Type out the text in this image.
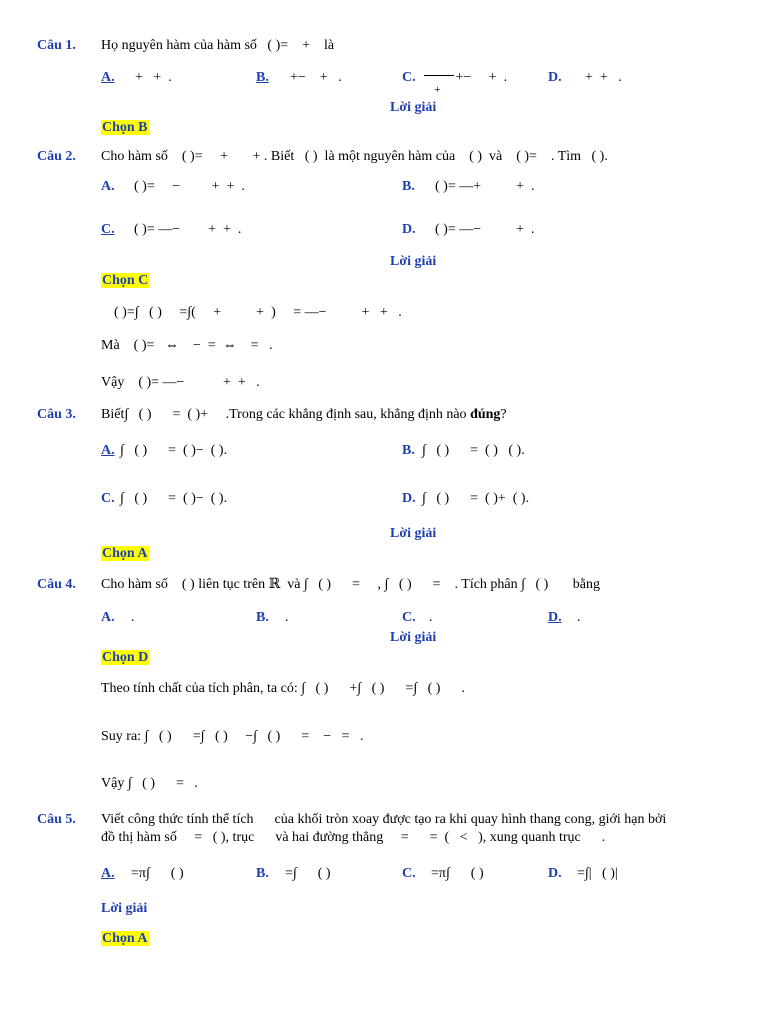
Câu 1. Họ nguyên hàm của hàm số   ( )=    +    là
A. +   +  .	B. +−    +   .	C.
+
+−     +  .	D. +  +   .
Lời giải
Chọn B
Câu 2. Cho hàm số    ( )=     +       + . Biết   ( )  là một nguyên hàm của    ( )  và    ( )=    . Tìm   ( ).
A. ( )=     −         +  +  .	B. ( )= —+          +  .
C. ( )= —−        +  +  .	D. ( )= —−          +  .
Lời giải
Chọn C
( )=∫   ( )     =∫(     +          +  )     = —−          +   +   .
Mà    ( )=   ⇔    −  =  ⇔    =   .
Vậy    ( )= —−           +  +   .
Câu 3. Biết∫   ( )      =  ( )+     .Trong các khẳng định sau, khẳng định nào đúng?
A. ∫   ( )      =  ( )−  ( ).	B. ∫   ( )      =  ( )   ( ).
C. ∫   ( )      =  ( )−  ( ).	D. ∫   ( )      =  ( )+  ( ).
Lời giải
Chọn A
Câu 4. Cho hàm số    ( ) liên tục trên ℝ  và ∫   ( )      =     , ∫   ( )      =    . Tích phân ∫   ( )       bằng
A. .	B. .	C. .	D. .
Lời giải
Chọn D
Theo tính chất của tích phân, ta có: ∫   ( )      +∫   ( )      =∫   ( )      .
Suy ra: ∫   ( )      =∫   ( )     −∫   ( )      =    −   =   .
Vậy ∫   ( )      =   .
Câu 5. Viết công thức tính thể tích      của khối tròn xoay được tạo ra khi quay hình thang cong, giới hạn bởi
đồ thị hàm số     =   ( ), trục      và hai đường thẳng     =      =  (   <   ), xung quanh trục      .
A. =π∫      ( )	B. =∫      ( )	C. =π∫      ( )	D. =∫|   ( )|
Lời giải
Chọn A
